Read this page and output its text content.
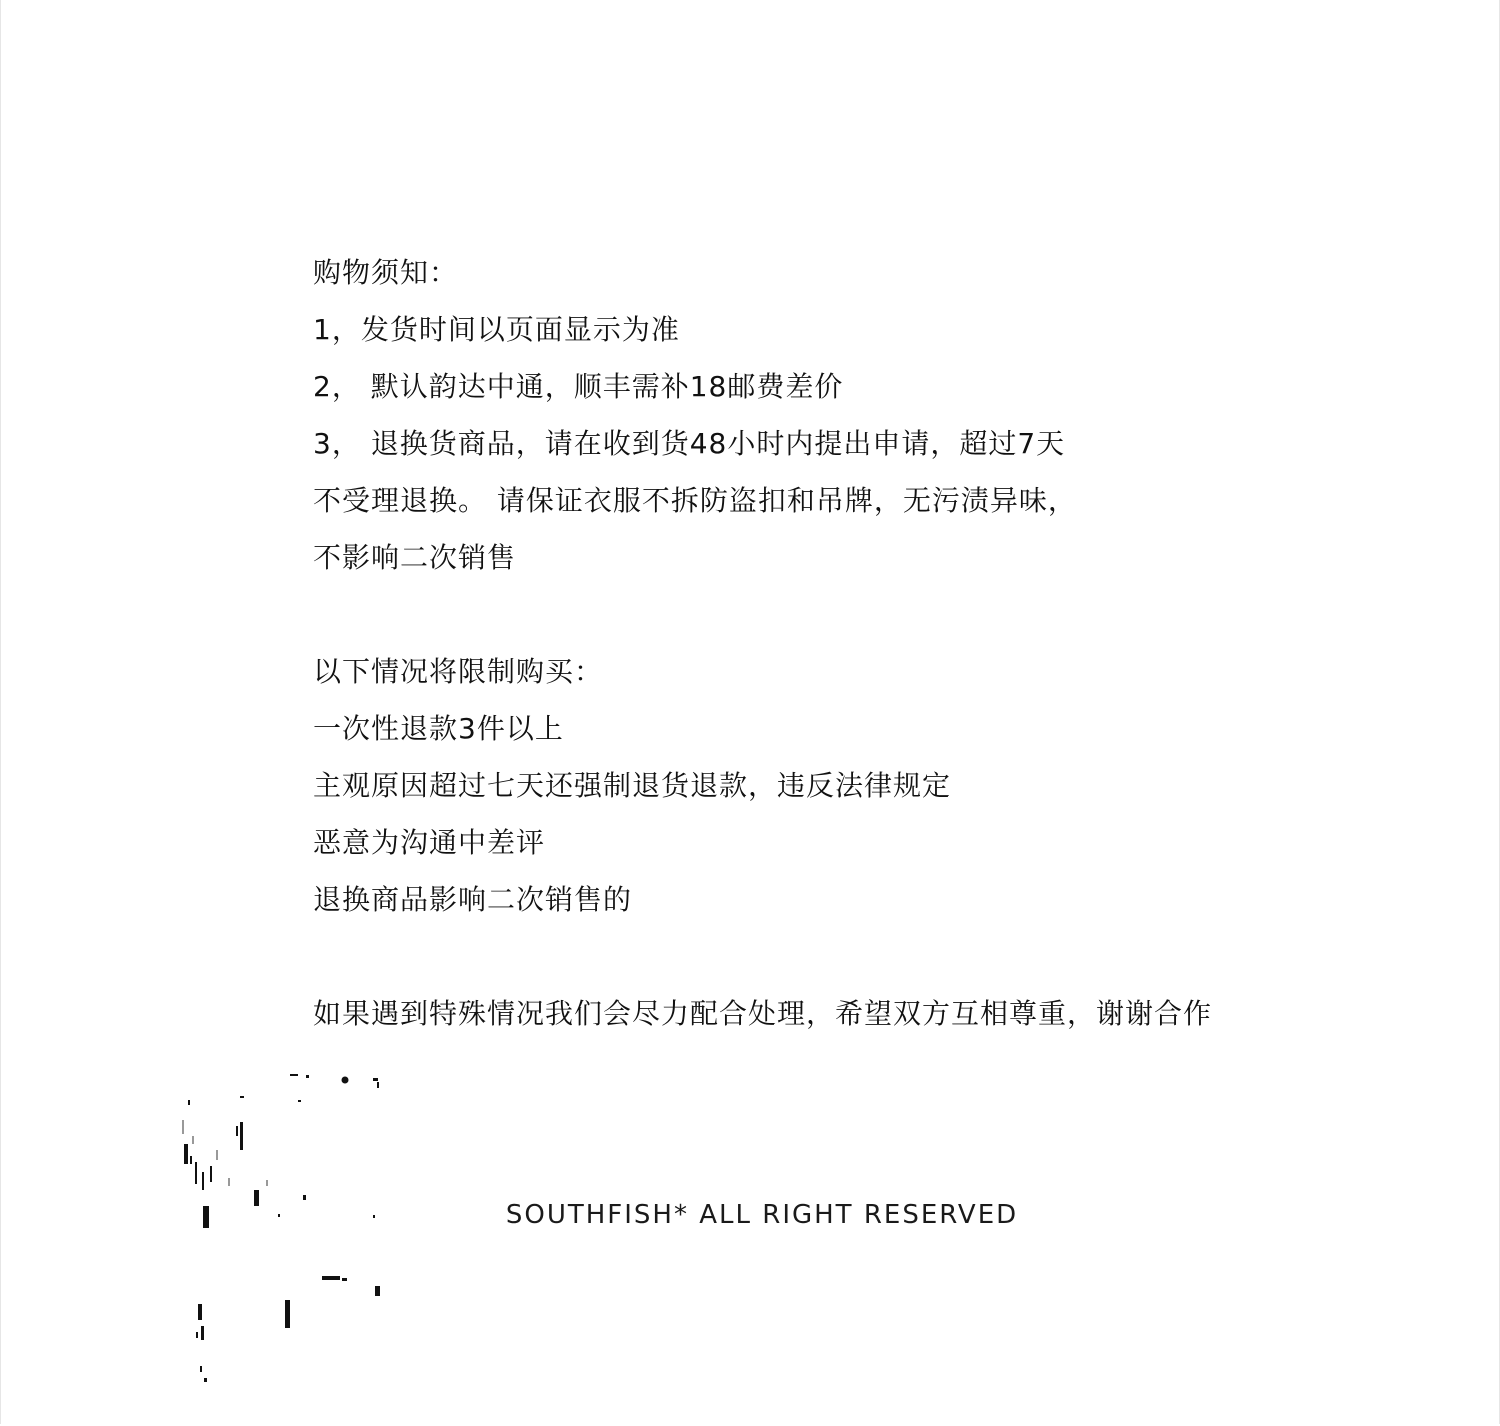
购物须知：
1，发货时间以页面显示为准
2， 默认韵达中通，顺丰需补18邮费差价
3， 退换货商品，请在收到货48小时内提出申请，超过7天
不受理退换。 请保证衣服不拆防盗扣和吊牌，无污渍异味，
不影响二次销售
以下情况将限制购买：
一次性退款3件以上
主观原因超过七天还强制退货退款，违反法律规定
恶意为沟通中差评
退换商品影响二次销售的
如果遇到特殊情况我们会尽力配合处理，希望双方互相尊重，谢谢合作
SOUTHFISH* ALL RIGHT RESERVED
